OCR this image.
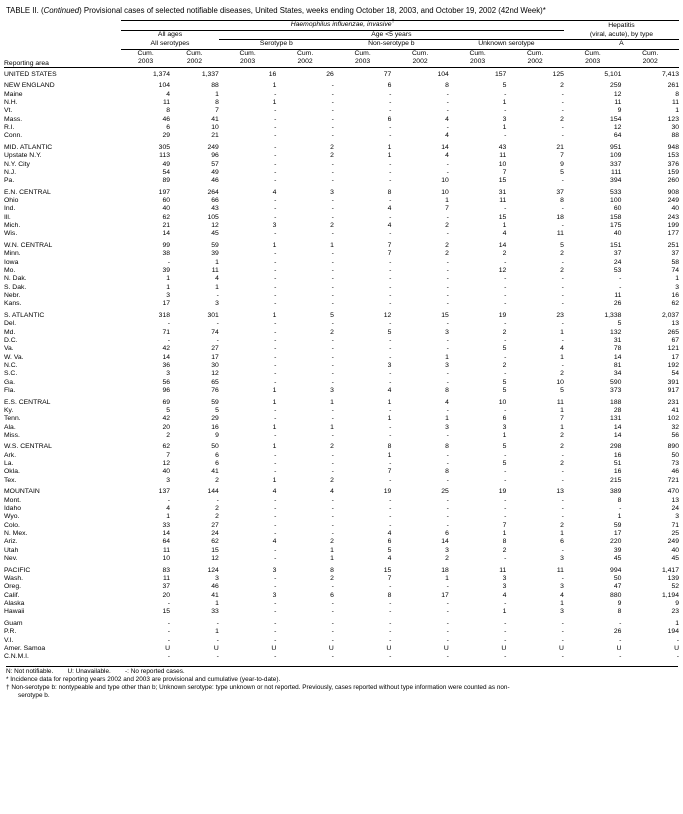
TABLE II. (Continued) Provisional cases of selected notifiable diseases, United States, weeks ending October 18, 2003, and October 19, 2002 (42nd Week)*
	Haemophilus influenzae, invasive†								Hepatitis	
	All ages		Age <5 years						(viral, acute), by type	
	All serotypes		Serotype b		Non-serotype b		Unknown serotype		A	
	Cum.	Cum.	Cum.	Cum.	Cum.	Cum.	Cum.	Cum.	Cum.	Cum.
Reporting area	2003	2002	2003	2002	2003	2002	2003	2002	2003	2002
UNITED STATES	1,374	1,337	16	26	77	104	157	125	5,101	7,413
NEW ENGLAND	104	88	1	-	6	8	5	2	259	261
Maine	4	1	-	-	-	-	-	-	12	8
N.H.	11	8	1	-	-	-	1	-	11	11
Vt.	8	7	-	-	-	-	-	-	9	1
Mass.	46	41	-	-	6	4	3	2	154	123
R.I.	6	10	-	-	-	-	1	-	12	30
Conn.	29	21	-	-	-	4	-	-	64	88
MID. ATLANTIC	305	249	-	2	1	14	43	21	951	948
Upstate N.Y.	113	96	-	2	1	4	11	7	109	153
N.Y. City	49	57	-	-	-	-	10	9	337	376
N.J.	54	49	-	-	-	-	7	5	111	159
Pa.	89	46	-	-	-	10	15	-	394	260
E.N. CENTRAL	197	264	4	3	8	10	31	37	533	908
Ohio	60	66	-	-	-	1	11	8	100	249
Ind.	40	43	-	-	4	7	-	-	60	40
Ill.	62	105	-	-	-	-	15	18	158	243
Mich.	21	12	3	2	4	2	1	-	175	199
Wis.	14	45	-	-	-	-	4	11	40	177
W.N. CENTRAL	99	59	1	1	7	2	14	5	151	251
Minn.	38	39	-	-	7	2	2	2	37	37
Iowa	-	1	-	-	-	-	-	-	24	58
Mo.	39	11	-	-	-	-	12	2	53	74
N. Dak.	1	4	-	-	-	-	-	-	-	1
S. Dak.	1	1	-	-	-	-	-	-	-	3
Nebr.	3	-	-	-	-	-	-	-	11	16
Kans.	17	3	-	-	-	-	-	-	26	62
S. ATLANTIC	318	301	1	5	12	15	19	23	1,338	2,037
Del.	-	-	-	-	-	-	-	-	5	13
Md.	71	74	-	2	5	3	2	1	132	265
D.C.	-	-	-	-	-	-	-	-	31	67
Va.	42	27	-	-	-	-	5	4	78	121
W. Va.	14	17	-	-	-	1	-	1	14	17
N.C.	36	30	-	-	3	3	2	-	81	192
S.C.	3	12	-	-	-	-	-	2	34	54
Ga.	56	65	-	-	-	-	5	10	590	391
Fla.	96	76	1	3	4	8	5	5	373	917
E.S. CENTRAL	69	59	1	1	1	4	10	11	188	231
Ky.	5	5	-	-	-	-	-	1	28	41
Tenn.	42	29	-	-	1	1	6	7	131	102
Ala.	20	16	1	1	-	3	3	1	14	32
Miss.	2	9	-	-	-	-	1	2	14	56
W.S. CENTRAL	62	50	1	2	8	8	5	2	298	890
Ark.	7	6	-	-	1	-	-	-	16	50
La.	12	6	-	-	-	-	5	2	51	73
Okla.	40	41	-	-	7	8	-	-	16	46
Tex.	3	2	1	2	-	-	-	-	215	721
MOUNTAIN	137	144	4	4	19	25	19	13	389	470
Mont.	-	-	-	-	-	-	-	-	8	13
Idaho	4	2	-	-	-	-	-	-	-	24
Wyo.	1	2	-	-	-	-	-	-	1	3
Colo.	33	27	-	-	-	-	7	2	59	71
N. Mex.	14	24	-	-	4	6	1	1	17	25
Ariz.	64	62	4	2	6	14	8	6	220	249
Utah	11	15	-	1	5	3	2	-	39	40
Nev.	10	12	-	1	4	2	-	3	45	45
PACIFIC	83	124	3	8	15	18	11	11	994	1,417
Wash.	11	3	-	2	7	1	3	-	50	139
Oreg.	37	46	-	-	-	-	3	3	47	52
Calif.	20	41	3	6	8	17	4	4	880	1,194
Alaska	-	1	-	-	-	-	-	1	9	9
Hawaii	15	33	-	-	-	-	1	3	8	23
Guam	-	-	-	-	-	-	-	-	-	1
P.R.	-	1	-	-	-	-	-	-	26	194
V.I.	-	-	-	-	-	-	-	-	-	-
Amer. Samoa	U	U	U	U	U	U	U	U	U	U
C.N.M.I.	-	-	-	-	-	-	-	-	-	-
N: Not notifiable. U: Unavailable. -: No reported cases.
* Incidence data for reporting years 2002 and 2003 are provisional and cumulative (year-to-date).
† Non-serotype b: nontypeable and type other than b; Unknown serotype: type unknown or not reported. Previously, cases reported without type information were counted as non-
serotype b.
